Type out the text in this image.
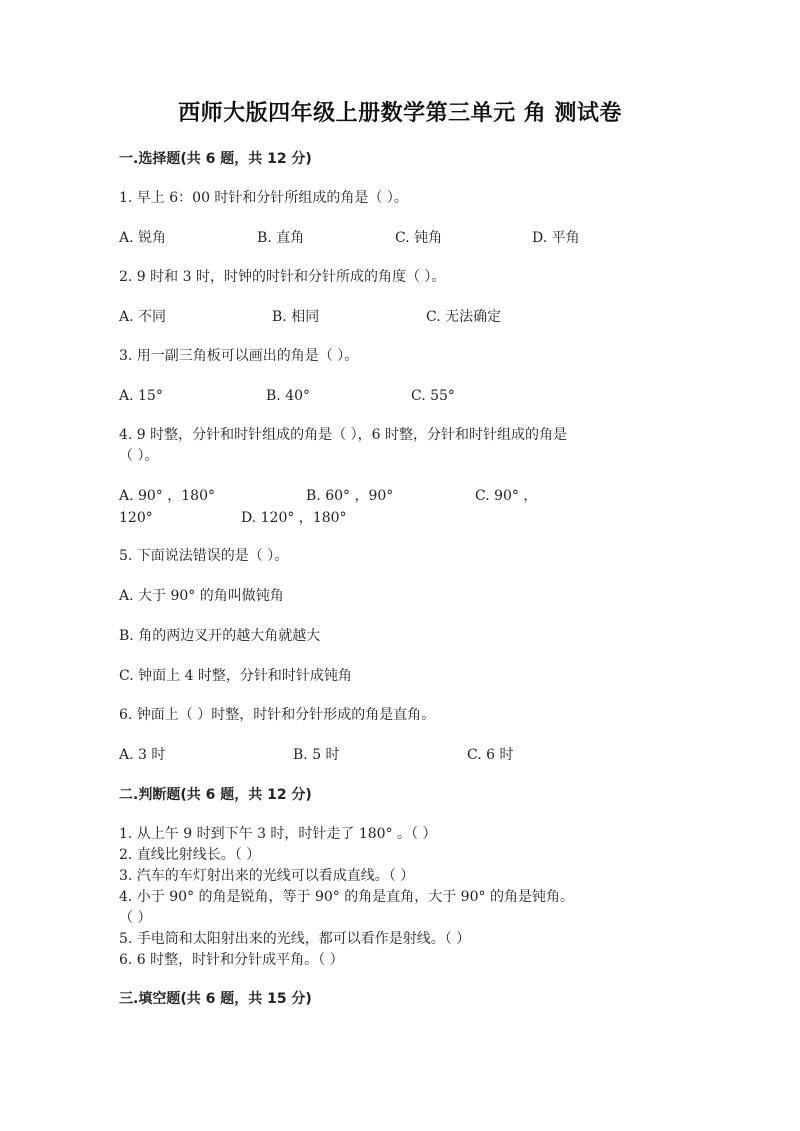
西师大版四年级上册数学第三单元 角 测试卷
一.选择题(共 6 题，共 12 分)
1. 早上 6：00 时针和分针所组成的角是（ ）。
A. 锐角	B. 直角	C. 钝角	D. 平角
2. 9 时和 3 时，时钟的时针和分针所成的角度（ ）。
A. 不同	B. 相同	C. 无法确定
3. 用一副三角板可以画出的角是（ ）。
A. 15°	B. 40°	C. 55°
4. 9 时整，分针和时针组成的角是（ ），6 时整，分针和时针组成的角是
（ ）。
A. 90° ，180°	B. 60° ，90°	C. 90° ，
120°	D. 120° ，180°
5. 下面说法错误的是（ ）。
A. 大于 90° 的角叫做钝角
B. 角的两边叉开的越大角就越大
C. 钟面上 4 时整，分针和时针成钝角
6. 钟面上（ ）时整，时针和分针形成的角是直角。
A. 3 时	B. 5 时	C. 6 时
二.判断题(共 6 题，共 12 分)
1. 从上午 9 时到下午 3 时，时针走了 180° 。（ ）
2. 直线比射线长。（ ）
3. 汽车的车灯射出来的光线可以看成直线。（ ）
4. 小于 90° 的角是锐角，等于 90° 的角是直角，大于 90° 的角是钝角。
（ ）
5. 手电筒和太阳射出来的光线，都可以看作是射线。（ ）
6. 6 时整，时针和分针成平角。（ ）
三.填空题(共 6 题，共 15 分)
